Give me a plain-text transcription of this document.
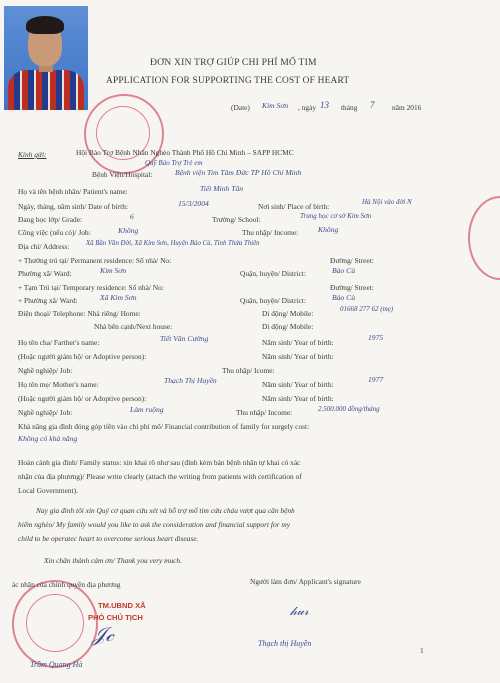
ĐƠN XIN TRỢ GIÚP CHI PHÍ MỔ TIM
APPLICATION FOR SUPPORTING THE COST OF HEART
(Date) Kim Sơn , ngày 13 tháng 7 năm 2016
Kính gửi:	Hội Bảo Trợ Bệnh Nhân Nghèo Thành Phố Hồ Chí Minh – SAPP HCMC
Quỹ Bảo Trợ Trẻ em
Bệnh Viện/Hospital:	Bệnh viện Tim Tâm Đức TP Hồ Chí Minh
Họ và tên bệnh nhân/ Patient's name:	Tiết Minh Tân
Ngày, tháng, năm sinh/ Date of birth:	15/3/2004	Nơi sinh/ Place of birth:	Hà Nội vào đời N
Đang học lớp/ Grade:	6	Trường/ School:	Trung học cơ sở Kim Sơn
Công việc (nếu có)/ Job:	Không	Thu nhập/ Income:	Không
Địa chỉ/ Address: Xã Bần Văn Đời, Xã Kim Sơn, Huyện Bảo Cù, Tỉnh Thừa Thiên
+ Thường trú tại/ Permanent residence: Số nhà/ No:	Đường/ Street:
Phường xã/ Ward:	Kim Sơn	Quận, huyện/ District:	Bảo Cù
+ Tạm Trú tại/ Temporary residence: Số nhà/ No:	Đường/ Street:
+ Phường xã/ Ward:	Xã Kim Sơn	Quận, huyện/ District:	Bảo Cù
Điện thoại/ Telephone: Nhà riêng/ Home:	Di động/ Mobile:	01668 277 62 (mẹ)
Nhà bên cạnh/Next house:	Di động/ Mobile:
Họ tên cha/ Farther's name:	Tiết Văn Cường	Năm sinh/ Year of birth:
1975
(Hoặc người giám hộ/ or Adoptive person):	Năm sinh/ Year of birth:
Nghề nghiệp/ Job:	Thu nhập/ Icome:
Họ tên mẹ/ Mother's name:	Thạch Thị Huyền	Năm sinh/ Year of birth:
1977
(Hoặc người giám hộ/ or Adoptive person):	Năm sinh/ Year of birth:
Nghề nghiệp/ Job:	Làm ruộng	Thu nhập/ Income:	2.500.000 đồng/tháng
Khả năng gia đình đóng góp tiền vào chi phí mổ/ Financial contribution of family for surgely cost:
Không có khả năng
Hoàn cảnh gia đình/ Family status: xin khai rõ như sau (đính kèm bản bệnh nhân tự khai có xác
nhận của địa phương)/ Please write clearly (attach the writing from patients with certification of
Local Government).
Nay gia đình tôi xin Quý cơ quan cứu xét và hỗ trợ mổ tim cứu cháu vượt qua căn bệnh
hiểm nghèo/ My family would you like to ask the consideration and financial support for my
child to be operatec heart to overcome serious heart disease.
Xin chân thành cảm ơn/ Thank you very much.
ác nhận của chính quyền địa phương	Người làm đơn/ Applicant's signature
TM.UBND XÃ
PHÓ CHỦ TỊCH
𝒥𝒸
𝒽𝓊𝓇
Trầm Quang Hà
Thạch thị Huyền
1
